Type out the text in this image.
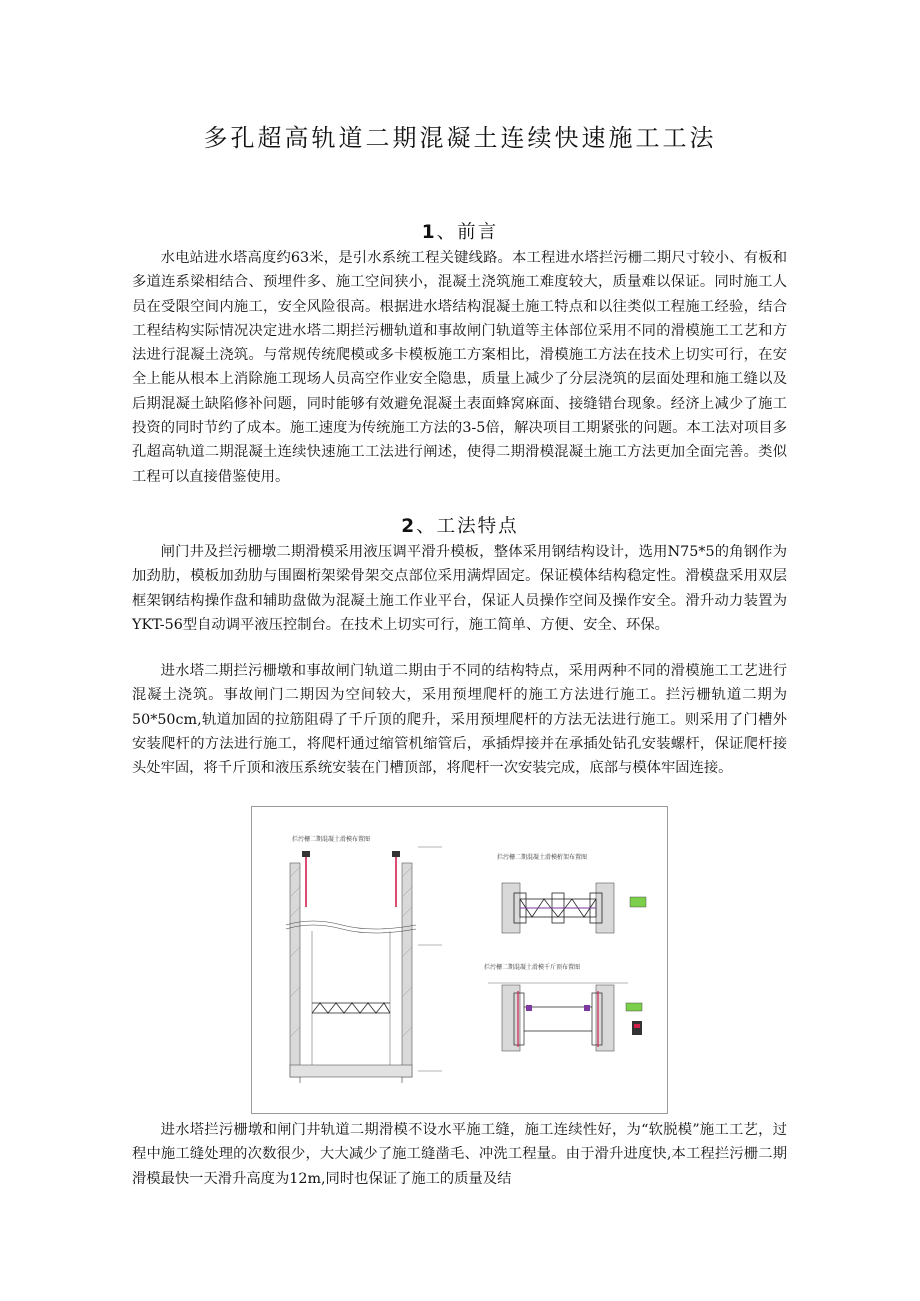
多孔超高轨道二期混凝土连续快速施工工法
1、前言

水电站进水塔高度约63米，是引水系统工程关键线路。本工程进水塔拦污栅二期尺寸较小、有板和多道连系梁相结合、预埋件多、施工空间狭小，混凝土浇筑施工难度较大，质量难以保证。同时施工人员在受限空间内施工，安全风险很高。根据进水塔结构混凝土施工特点和以往类似工程施工经验，结合工程结构实际情况决定进水塔二期拦污栅轨道和事故闸门轨道等主体部位采用不同的滑模施工工艺和方法进行混凝土浇筑。与常规传统爬模或多卡模板施工方案相比，滑模施工方法在技术上切实可行，在安全上能从根本上消除施工现场人员高空作业安全隐患，质量上减少了分层浇筑的层面处理和施工缝以及后期混凝土缺陷修补问题，同时能够有效避免混凝土表面蜂窝麻面、接缝错台现象。经济上减少了施工投资的同时节约了成本。施工速度为传统施工方法的3-5倍，解决项目工期紧张的问题。本工法对项目多孔超高轨道二期混凝土连续快速施工工法进行阐述，使得二期滑模混凝土施工方法更加全面完善。类似工程可以直接借鉴使用。

2、工法特点

闸门井及拦污栅墩二期滑模采用液压调平滑升模板，整体采用钢结构设计，选用N75*5的角钢作为加劲肋，模板加劲肋与围圈桁架梁骨架交点部位采用满焊固定。保证模体结构稳定性。滑模盘采用双层框架钢结构操作盘和辅助盘做为混凝土施工作业平台，保证人员操作空间及操作安全。滑升动力装置为YKT-56型自动调平液压控制台。在技术上切实可行，施工简单、方便、安全、环保。

进水塔二期拦污栅墩和事故闸门轨道二期由于不同的结构特点，采用两种不同的滑模施工工艺进行混凝土浇筑。事故闸门二期因为空间较大，采用预埋爬杆的施工方法进行施工。拦污栅轨道二期为50*50cm,轨道加固的拉筋阻碍了千斤顶的爬升，采用预埋爬杆的方法无法进行施工。则采用了门槽外安装爬杆的方法进行施工，将爬杆通过缩管机缩管后，承插焊接并在承插处钻孔安装螺杆，保证爬杆接头处牢固，将千斤顶和液压系统安装在门槽顶部，将爬杆一次安装完成，底部与模体牢固连接。

拦污栅二期混凝土滑模布置图
拦污栅二期混凝土滑模桁架布置图
拦污栅二期混凝土滑模千斤顶布置图

进水塔拦污栅墩和闸门井轨道二期滑模不设水平施工缝，施工连续性好，为“软脱模”施工工艺，过程中施工缝处理的次数很少，大大减少了施工缝凿毛、冲洗工程量。由于滑升进度快,本工程拦污栅二期滑模最快一天滑升高度为12m,同时也保证了施工的质量及结
